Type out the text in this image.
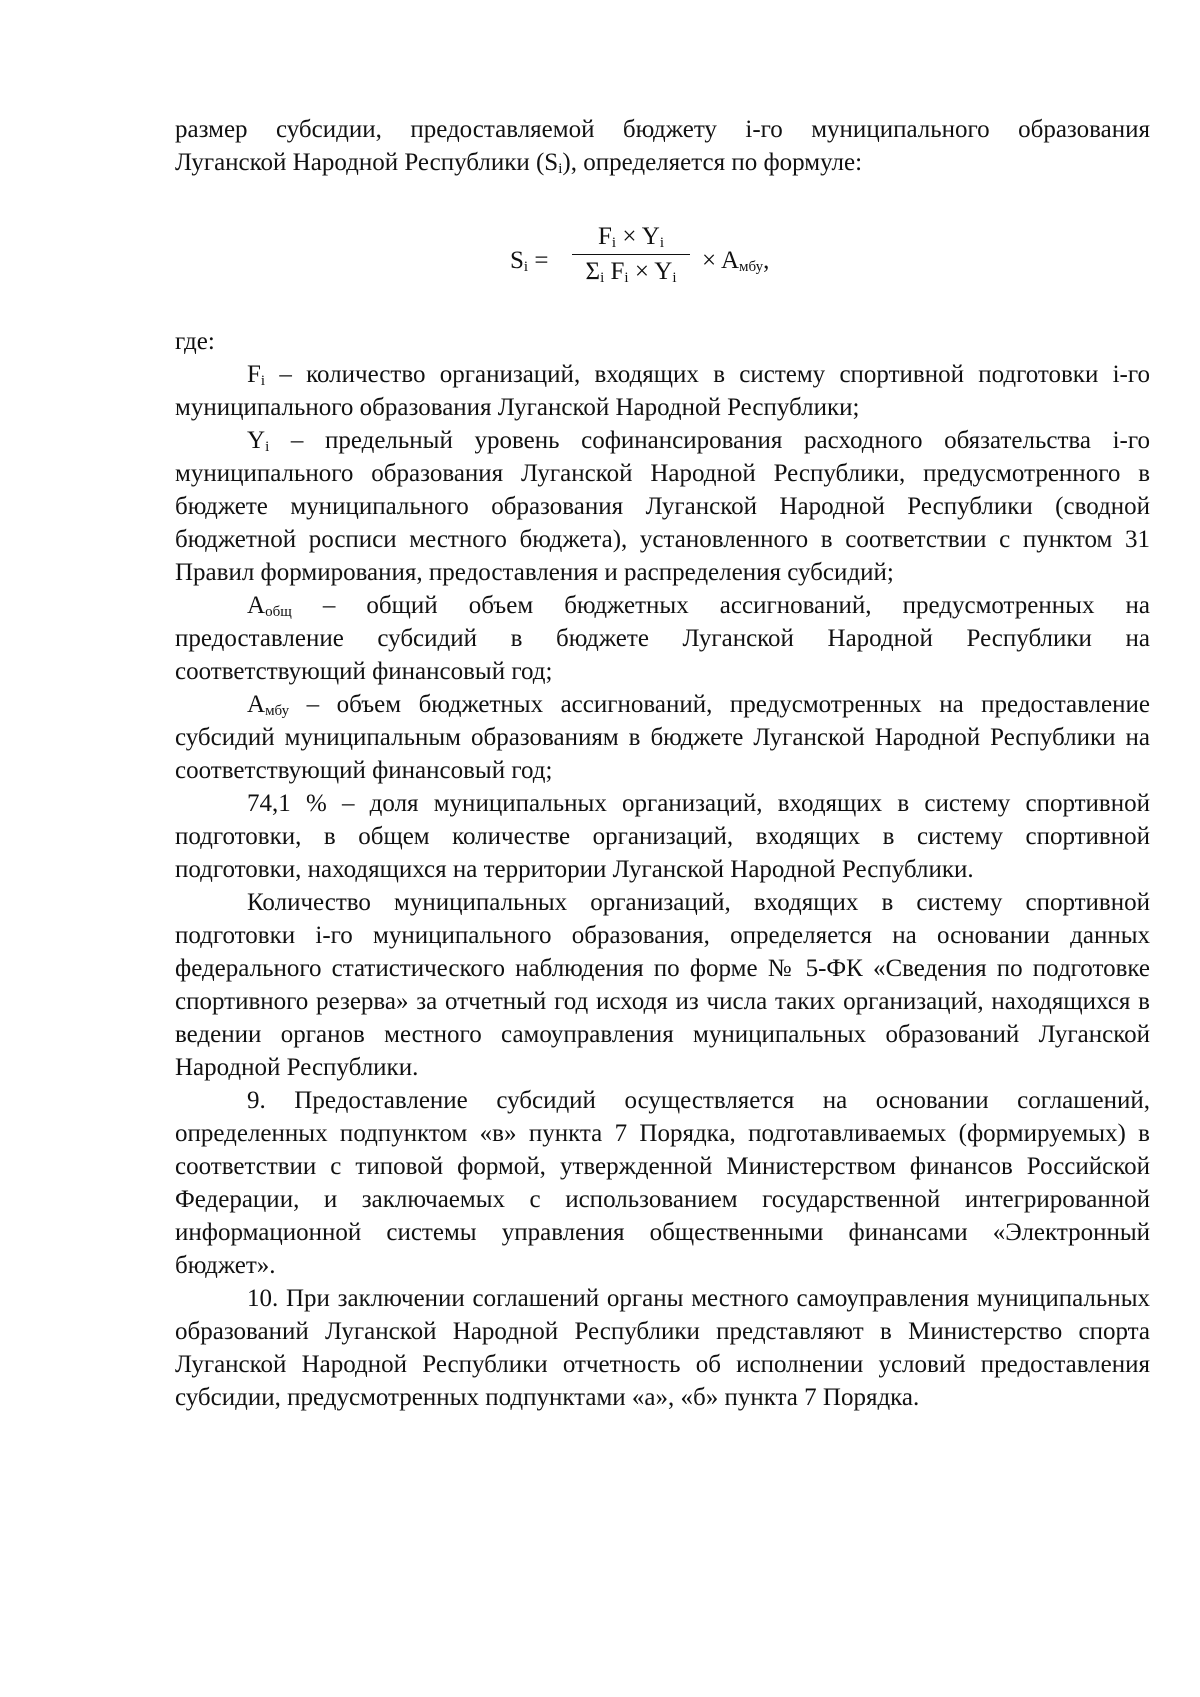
размер субсидии, предоставляемой бюджету i-го муниципального образования

Луганской Народной Республики $(S_i)$, определяется по формуле:

$S_i$ =
$F_i \times Y_i$
$\Sigma_i$ $F_i \times Y_i$
× $A_{мбу}$,
где:

$F_i$ – количество организаций, входящих в систему спортивной подготовки i-го муниципального образования Луганской Народной Республики;

$Y_i$ – предельный уровень софинансирования расходного обязательства i-го муниципального образования Луганской Народной Республики, предусмотренного в бюджете муниципального образования Луганской Народной Республики (сводной бюджетной росписи местного бюджета), установленного в соответствии с пунктом 31 Правил формирования, предоставления и распределения субсидий;

$A_{общ}$ – общий объем бюджетных ассигнований, предусмотренных на предоставление субсидий в бюджете Луганской Народной Республики на соответствующий финансовый год;

$A_{мбу}$ – объем бюджетных ассигнований, предусмотренных на предоставление субсидий муниципальным образованиям в бюджете Луганской Народной Республики на соответствующий финансовый год;

74,1 % – доля муниципальных организаций, входящих в систему спортивной подготовки, в общем количестве организаций, входящих в систему спортивной подготовки, находящихся на территории Луганской Народной Республики.

Количество муниципальных организаций, входящих в систему спортивной подготовки i-го муниципального образования, определяется на основании данных федерального статистического наблюдения по форме № 5-ФК «Сведения по подготовке спортивного резерва» за отчетный год исходя из числа таких организаций, находящихся в ведении органов местного самоуправления муниципальных образований Луганской Народной Республики.

9. Предоставление субсидий осуществляется на основании соглашений, определенных подпунктом «в» пункта 7 Порядка, подготавливаемых (формируемых) в соответствии с типовой формой, утвержденной Министерством финансов Российской Федерации, и заключаемых с использованием государственной интегрированной информационной системы управления общественными финансами «Электронный бюджет».

10. При заключении соглашений органы местного самоуправления муниципальных образований Луганской Народной Республики представляют в Министерство спорта Луганской Народной Республики отчетность об исполнении условий предоставления субсидии, предусмотренных подпунктами «а», «б» пункта 7 Порядка.
